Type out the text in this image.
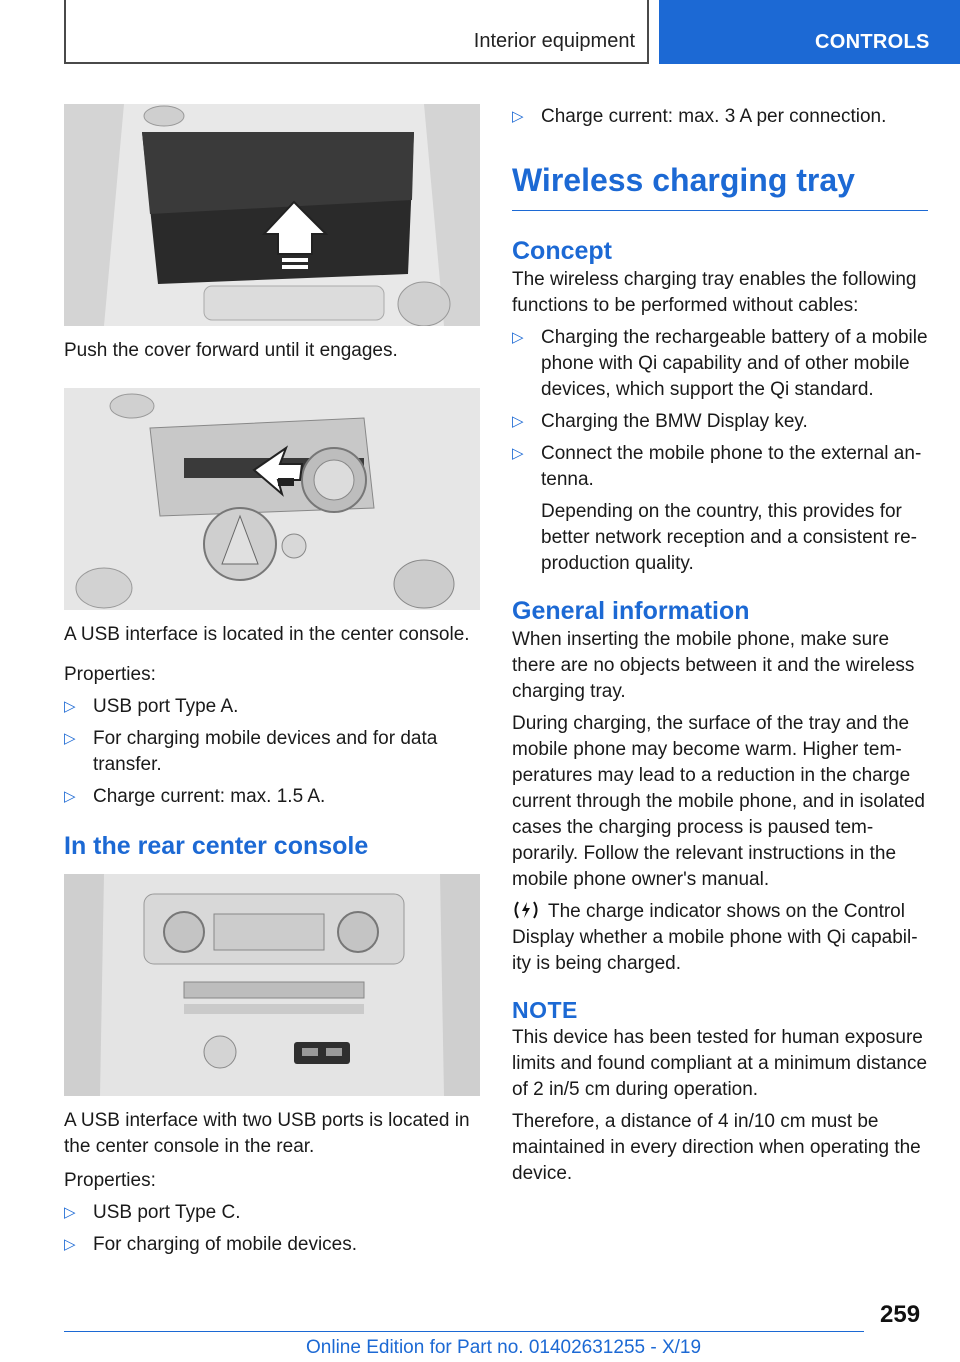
Interior equipment	CONTROLS

Push the cover forward until it engages.

A USB interface is located in the center console.

Properties:

▷ USB port Type A.
▷ For charging mobile devices and for data transfer.
▷ Charge current: max. 1.5 A.
In the rear center console

A USB interface with two USB ports is located in the center console in the rear.

Properties:

▷ USB port Type C.
▷ For charging of mobile devices.
▷ Charge current: max. 3 A per connection.
Wireless charging tray
Concept

The wireless charging tray enables the following functions to be performed without cables:

▷ Charging the rechargeable battery of a mobile phone with Qi capability and of other mobile devices, which support the Qi standard.
▷ Charging the BMW Display key.
▷ Connect the mobile phone to the external antenna.

Depending on the country, this provides for better network reception and a consistent reproduction quality.

General information

When inserting the mobile phone, make sure there are no objects between it and the wireless charging tray.

During charging, the surface of the tray and the mobile phone may become warm. Higher temperatures may lead to a reduction in the charge current through the mobile phone, and in isolated cases the charging process is paused temporarily. Follow the relevant instructions in the mobile phone owner's manual.

The charge indicator shows on the Control Display whether a mobile phone with Qi capability is being charged.

NOTE

This device has been tested for human exposure limits and found compliant at a minimum distance of 2 in/5 cm during operation.

Therefore, a distance of 4 in/10 cm must be maintained in every direction when operating the device.

259
Online Edition for Part no. 01402631255 - X/19
